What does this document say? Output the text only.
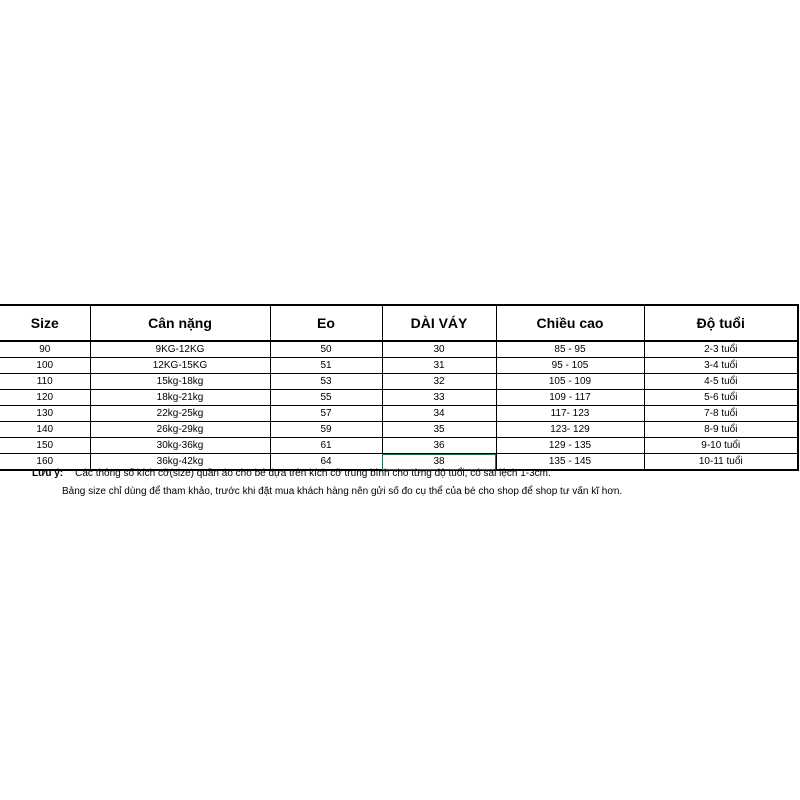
Size	Cân nặng	Eo	DÀI VÁY	Chiều cao	Độ tuổi
90	9KG-12KG	50	30	85 - 95	2-3 tuổi
100	12KG-15KG	51	31	95 - 105	3-4 tuổi
110	15kg-18kg	53	32	105 - 109	4-5 tuổi
120	18kg-21kg	55	33	109 - 117	5-6 tuổi
130	22kg-25kg	57	34	117- 123	7-8 tuổi
140	26kg-29kg	59	35	123- 129	8-9 tuổi
150	30kg-36kg	61	36	129 - 135	9-10 tuổi
160	36kg-42kg	64	38	135 - 145	10-11 tuổi
Lưu ý: Các thông số kích cỡ(size) quần áo cho bé dựa trên kích cỡ trung bình cho từng độ tuổi, có sai lệch 1-3cm.
Bảng size chỉ dùng để tham khảo, trước khi đặt mua khách hàng nên gửi số đo cụ thể của bé cho shop để shop tư vấn kĩ hơn.
